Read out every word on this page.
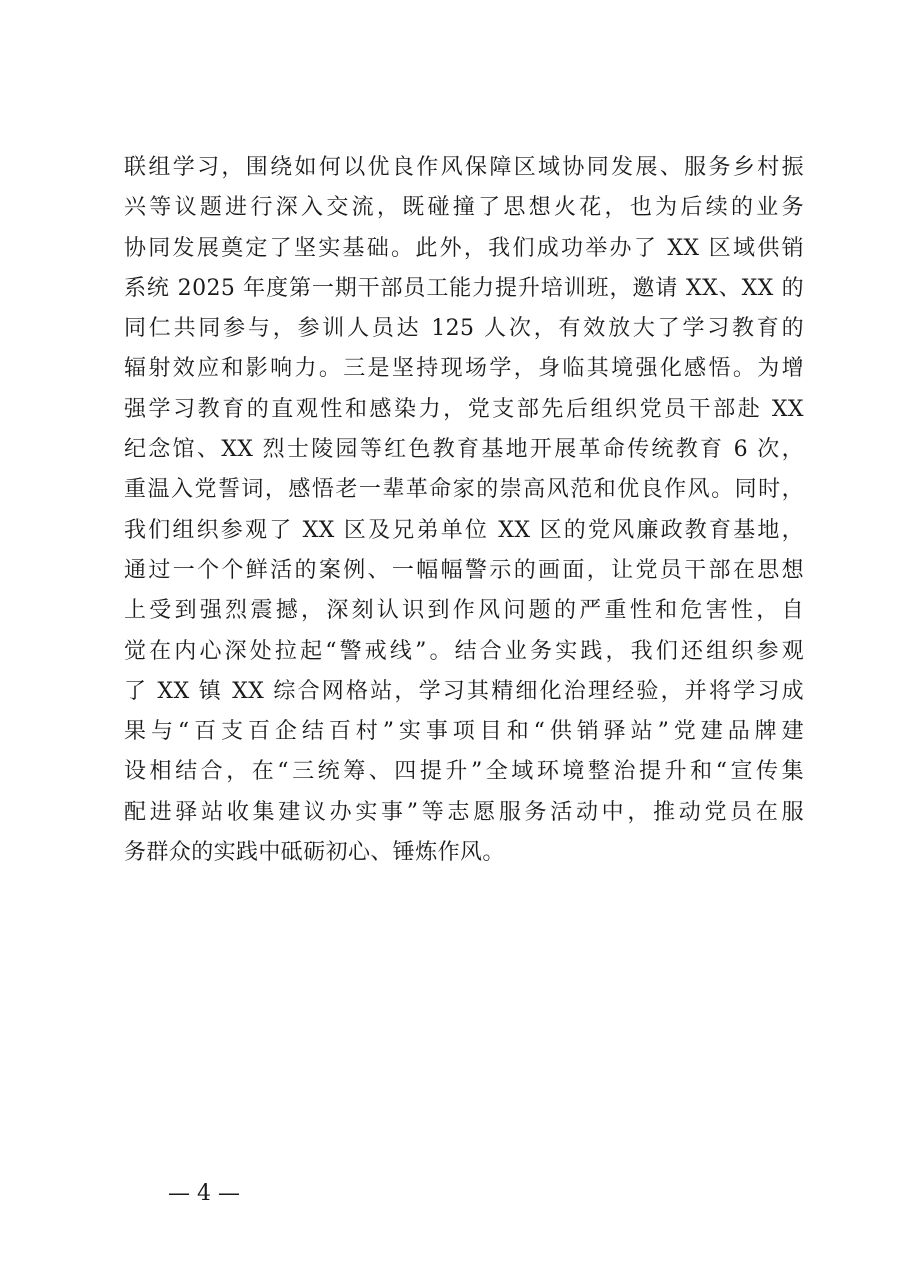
联组学习，围绕如何以优良作风保障区域协同发展、服务乡村振
兴等议题进行深入交流，既碰撞了思想火花，也为后续的业务
协同发展奠定了坚实基础。此外，我们成功举办了 XX 区域供销
系统 2025 年度第一期干部员工能力提升培训班，邀请 XX、XX 的
同仁共同参与，参训人员达 125 人次，有效放大了学习教育的
辐射效应和影响力。三是坚持现场学，身临其境强化感悟。为增
强学习教育的直观性和感染力，党支部先后组织党员干部赴 XX
纪念馆、XX 烈士陵园等红色教育基地开展革命传统教育 6 次，
重温入党誓词，感悟老一辈革命家的崇高风范和优良作风。同时，
我们组织参观了 XX 区及兄弟单位 XX 区的党风廉政教育基地，
通过一个个鲜活的案例、一幅幅警示的画面，让党员干部在思想
上受到强烈震撼，深刻认识到作风问题的严重性和危害性，自
觉在内心深处拉起“警戒线”。结合业务实践，我们还组织参观
了 XX 镇 XX 综合网格站，学习其精细化治理经验，并将学习成
果与“百支百企结百村”实事项目和“供销驿站”党建品牌建
设相结合，在“三统筹、四提升”全域环境整治提升和“宣传集
配进驿站收集建议办实事”等志愿服务活动中，推动党员在服
务群众的实践中砥砺初心、锤炼作风。
— 4 —
